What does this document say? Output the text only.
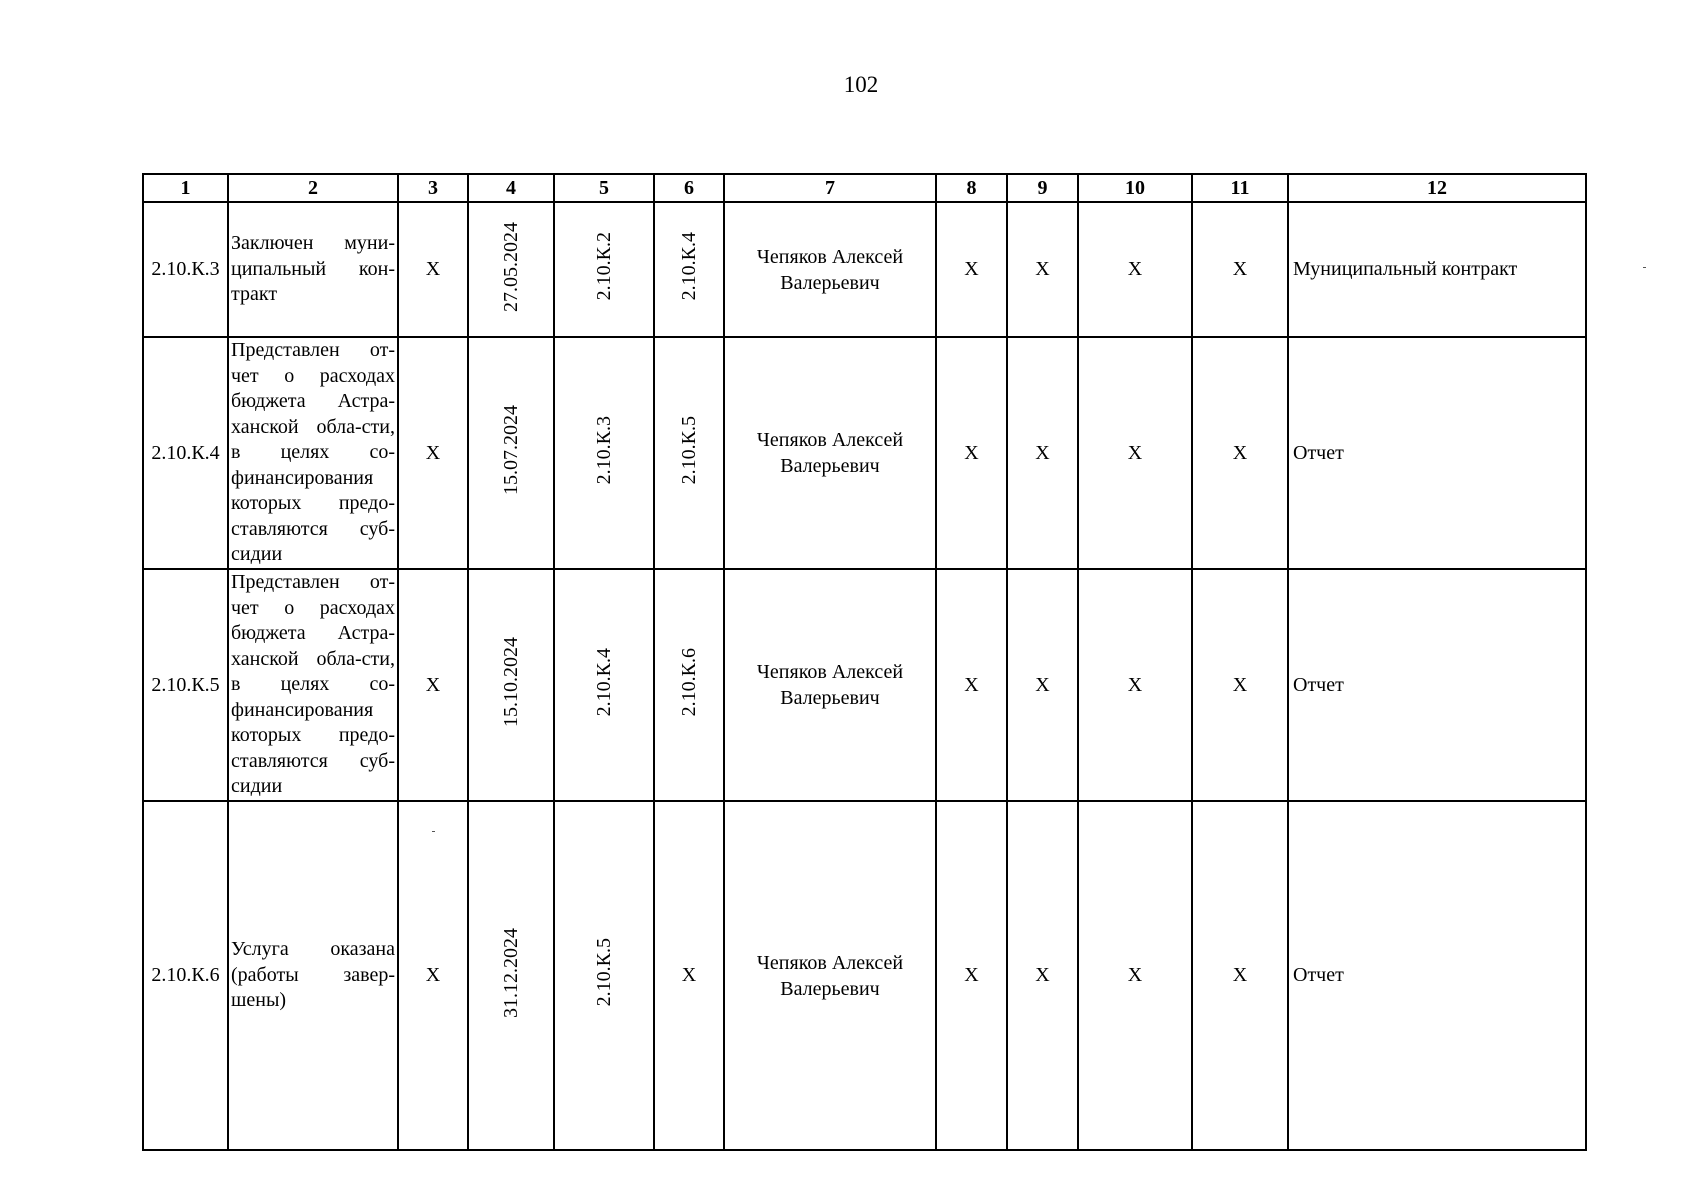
102
1	2	3	4	5	6	7	8	9	10	11	12
2.10.К.3	Заключен муни-ципальный кон-тракт	X	27.05.2024	2.10.К.2	2.10.К.4	Чепяков Алексей Валерьевич	X	X	X	X	Муниципальный контракт
2.10.К.4	Представлен от-чет о расходах бюджета Астра-ханской обла-сти, в целях со-финансирования которых предо-ставляются суб-сидии	X	15.07.2024	2.10.К.3	2.10.К.5	Чепяков Алексей Валерьевич	X	X	X	X	Отчет
2.10.К.5	Представлен от-чет о расходах бюджета Астра-ханской обла-сти, в целях со-финансирования которых предо-ставляются суб-сидии	X	15.10.2024	2.10.К.4	2.10.К.6	Чепяков Алексей Валерьевич	X	X	X	X	Отчет
2.10.К.6	Услуга оказана (работы завер-шены)	X	31.12.2024	2.10.К.5	X	Чепяков Алексей Валерьевич	X	X	X	X	Отчет
